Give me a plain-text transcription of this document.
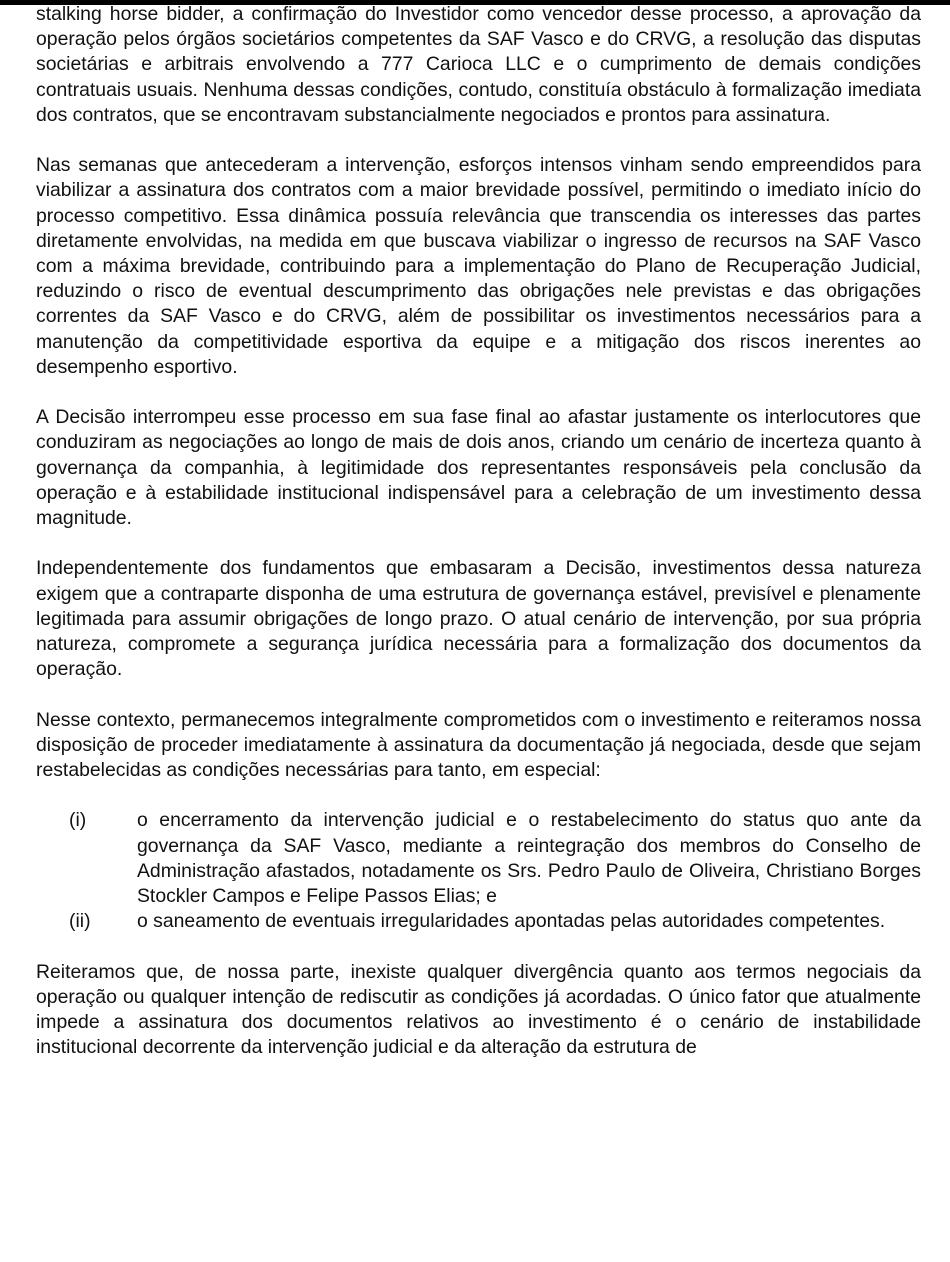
stalking horse bidder, a confirmação do Investidor como vencedor desse processo, a aprovação da operação pelos órgãos societários competentes da SAF Vasco e do CRVG, a resolução das disputas societárias e arbitrais envolvendo a 777 Carioca LLC e o cumprimento de demais condições contratuais usuais. Nenhuma dessas condições, contudo, constituía obstáculo à formalização imediata dos contratos, que se encontravam substancialmente negociados e prontos para assinatura.

Nas semanas que antecederam a intervenção, esforços intensos vinham sendo empreendidos para viabilizar a assinatura dos contratos com a maior brevidade possível, permitindo o imediato início do processo competitivo. Essa dinâmica possuía relevância que transcendia os interesses das partes diretamente envolvidas, na medida em que buscava viabilizar o ingresso de recursos na SAF Vasco com a máxima brevidade, contribuindo para a implementação do Plano de Recuperação Judicial, reduzindo o risco de eventual descumprimento das obrigações nele previstas e das obrigações correntes da SAF Vasco e do CRVG, além de possibilitar os investimentos necessários para a manutenção da competitividade esportiva da equipe e a mitigação dos riscos inerentes ao desempenho esportivo.

A Decisão interrompeu esse processo em sua fase final ao afastar justamente os interlocutores que conduziram as negociações ao longo de mais de dois anos, criando um cenário de incerteza quanto à governança da companhia, à legitimidade dos representantes responsáveis pela conclusão da operação e à estabilidade institucional indispensável para a celebração de um investimento dessa magnitude.

Independentemente dos fundamentos que embasaram a Decisão, investimentos dessa natureza exigem que a contraparte disponha de uma estrutura de governança estável, previsível e plenamente legitimada para assumir obrigações de longo prazo. O atual cenário de intervenção, por sua própria natureza, compromete a segurança jurídica necessária para a formalização dos documentos da operação.

Nesse contexto, permanecemos integralmente comprometidos com o investimento e reiteramos nossa disposição de proceder imediatamente à assinatura da documentação já negociada, desde que sejam restabelecidas as condições necessárias para tanto, em especial:

(i)	o encerramento da intervenção judicial e o restabelecimento do status quo ante da governança da SAF Vasco, mediante a reintegração dos membros do Conselho de Administração afastados, notadamente os Srs. Pedro Paulo de Oliveira, Christiano Borges Stockler Campos e Felipe Passos Elias; e
(ii) o saneamento de eventuais irregularidades apontadas pelas autoridades competentes.

Reiteramos que, de nossa parte, inexiste qualquer divergência quanto aos termos negociais da operação ou qualquer intenção de rediscutir as condições já acordadas. O único fator que atualmente impede a assinatura dos documentos relativos ao investimento é o cenário de instabilidade institucional decorrente da intervenção judicial e da alteração da estrutura de
